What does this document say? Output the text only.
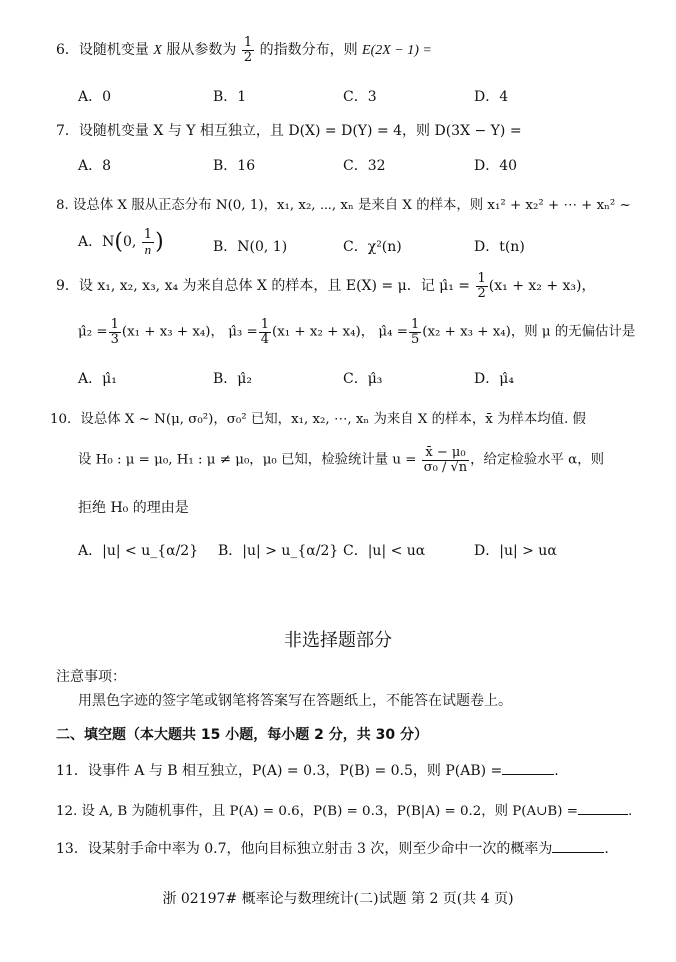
6．设随机变量 X 服从参数为 $\frac{1}{2}$ 的指数分布，则 E(2X − 1) =
A．0	B．1	C．3	D．4
7．设随机变量 X 与 Y 相互独立，且 D(X) = D(Y) = 4，则 D(3X − Y) =
A．8	B．16	C．32	D．40
8. 设总体 X 服从正态分布 N(0, 1)，x₁, x₂, ⋯, xₙ 是来自 X 的样本，则 x₁² + x₂² + ⋯ + xₙ² ~
A．N(0, $\frac{1}{n}$ )	B．N(0, 1)	C．χ²(n)	D．t(n)
9．设 x₁, x₂, x₃, x₄ 为来自总体 X 的样本，且 E(X) = μ．记 μ̂₁ = $\frac{1}{2} (x_1 + x_2 + x_3)$，
μ̂₂ = $\frac{1}{3} (x_1 + x_3 + x_4)$， μ̂₃ = $\frac{1}{4} (x_1 + x_2 + x_4)$， μ̂₄ = $\frac{1}{5} (x_2 + x_3 + x_4)$，则 μ 的无偏估计是
A．μ̂₁	B．μ̂₂	C．μ̂₃	D．μ̂₄
10．设总体 X ~ N(μ, σ₀²)，σ₀² 已知，x₁, x₂, ⋯, xₙ 为来自 X 的样本，x̄ 为样本均值. 假
设 H₀ : μ = μ₀, H₁ : μ ≠ μ₀，μ₀ 已知，检验统计量 $u = \frac{\text{x̄ − μ₀}}{\text{σ₀ / √n}}$ ，给定检验水平 α，则
拒绝 H₀ 的理由是
A．|u| < u_{α/2} B．|u| > u_{α/2} C．|u| < uα	D．|u| > uα
非选择题部分
注意事项：
用黑色字迹的签字笔或钢笔将答案写在答题纸上，不能答在试题卷上。
二、填空题（本大题共 15 小题，每小题 2 分，共 30 分）
11．设事件 A 与 B 相互独立，P(A) = 0.3，P(B) = 0.5，则 P(AB) =	.
12. 设 A, B 为随机事件，且 P(A) = 0.6，P(B) = 0.3，P(B|A) = 0.2，则 P(A∪B) =	.
13．设某射手命中率为 0.7，他向目标独立射击 3 次，则至少命中一次的概率为	.
浙 02197# 概率论与数理统计(二)试题 第 2 页(共 4 页)
